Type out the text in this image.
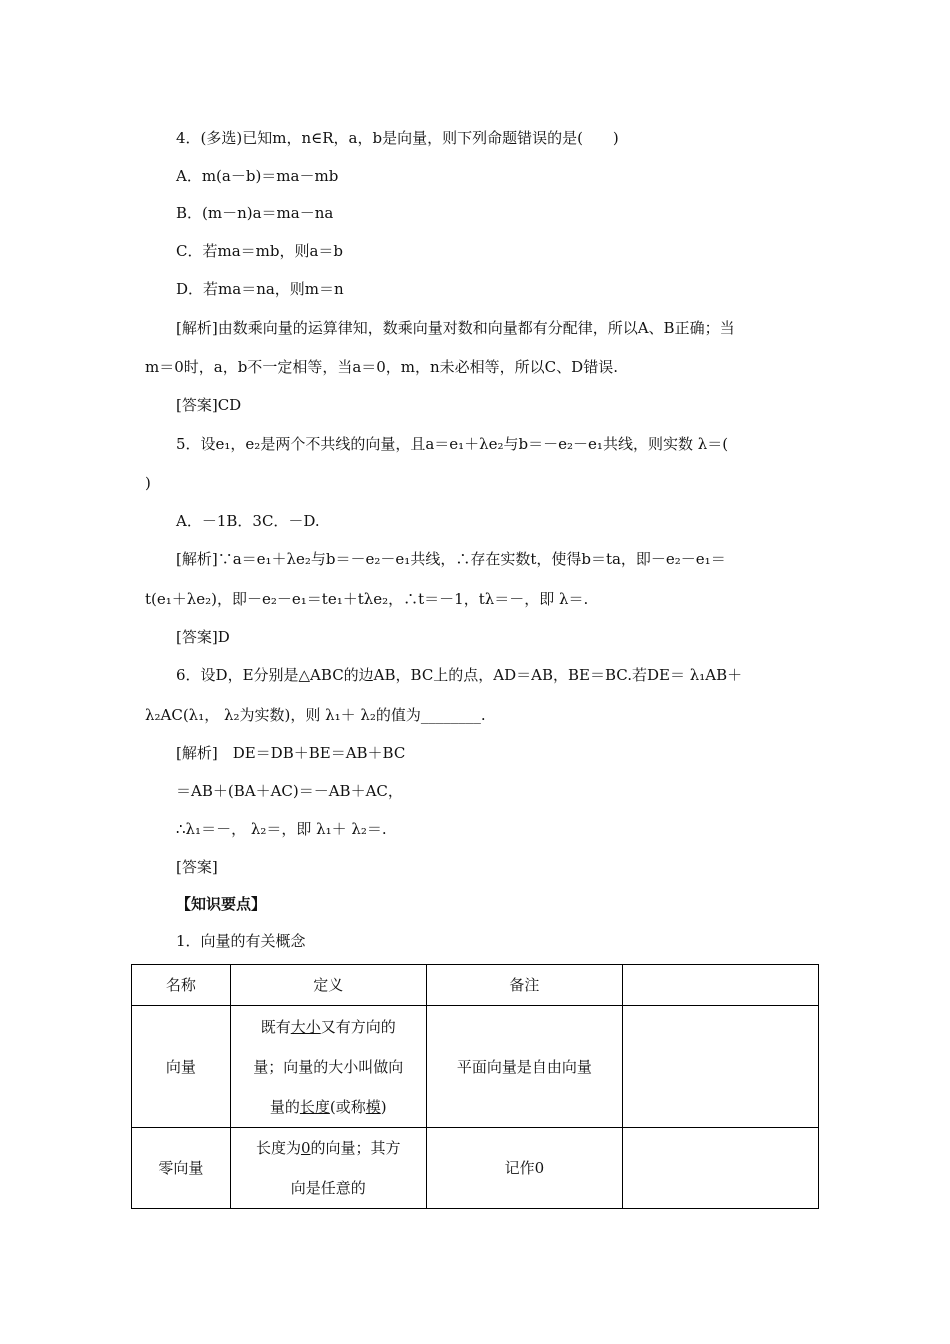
4．(多选)已知m，n∈R，a，b是向量，则下列命题错误的是(　　)
A．m(a－b)＝ma－mb
B．(m－n)a＝ma－na
C．若ma＝mb，则a＝b
D．若ma＝na，则m＝n
[解析]由数乘向量的运算律知，数乘向量对数和向量都有分配律，所以A、B正确；当
m＝0时，a，b不一定相等，当a＝0，m，n未必相等，所以C、D错误.
[答案]CD
5．设e₁，e₂是两个不共线的向量，且a＝e₁＋λe₂与b＝－e₂－e₁共线，则实数 λ＝(
)
A．－1B．3C．－D.
[解析]∵a＝e₁＋λe₂与b＝－e₂－e₁共线，∴存在实数t，使得b＝ta，即－e₂－e₁＝
t(e₁＋λe₂)，即－e₂－e₁＝te₁＋tλe₂，∴t＝－1，tλ＝－，即 λ＝.
[答案]D
6．设D，E分别是△ABC的边AB，BC上的点，AD＝AB，BE＝BC.若DE＝ λ₁AB＋
λ₂AC(λ₁， λ₂为实数)，则 λ₁＋ λ₂的值为________.
[解析]　DE＝DB＋BE＝AB＋BC
＝AB＋(BA＋AC)＝－AB＋AC，
∴λ₁＝－， λ₂＝，即 λ₁＋ λ₂＝.
[答案]
【知识要点】
1．向量的有关概念
名称	定义	备注	
向量	既有大小又有方向的
量；向量的大小叫做向
量的长度(或称模)	平面向量是自由向量	
零向量	长度为0的向量；其方
向是任意的	记作0	
